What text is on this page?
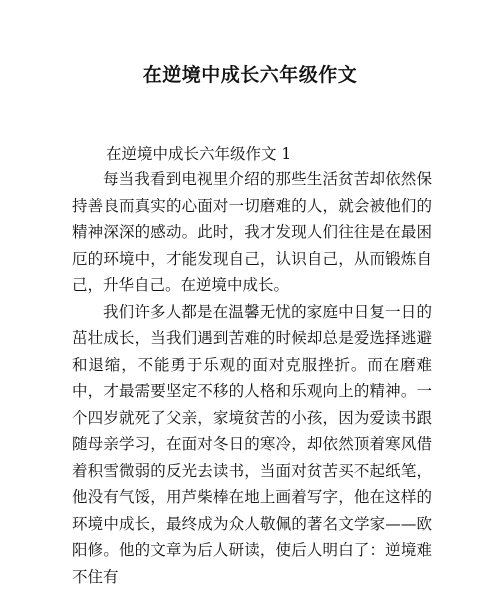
在逆境中成长六年级作文
在逆境中成长六年级作文 1

每当我看到电视里介绍的那些生活贫苦却依然保持善良而真实的心面对一切磨难的人，就会被他们的精神深深的感动。此时，我才发现人们往往是在最困厄的环境中，才能发现自己，认识自己，从而锻炼自己，升华自己。在逆境中成长。

我们许多人都是在温馨无忧的家庭中日复一日的茁壮成长，当我们遇到苦难的时候却总是爱选择逃避和退缩，不能勇于乐观的面对克服挫折。而在磨难中，才最需要坚定不移的人格和乐观向上的精神。一个四岁就死了父亲，家境贫苦的小孩，因为爱读书跟随母亲学习，在面对冬日的寒冷，却依然顶着寒风借着积雪微弱的反光去读书，当面对贫苦买不起纸笔，他没有气馁，用芦柴棒在地上画着写字，他在这样的环境中成长，最终成为众人敬佩的著名文学家——欧阳修。他的文章为后人研读，使后人明白了：逆境难不住有
